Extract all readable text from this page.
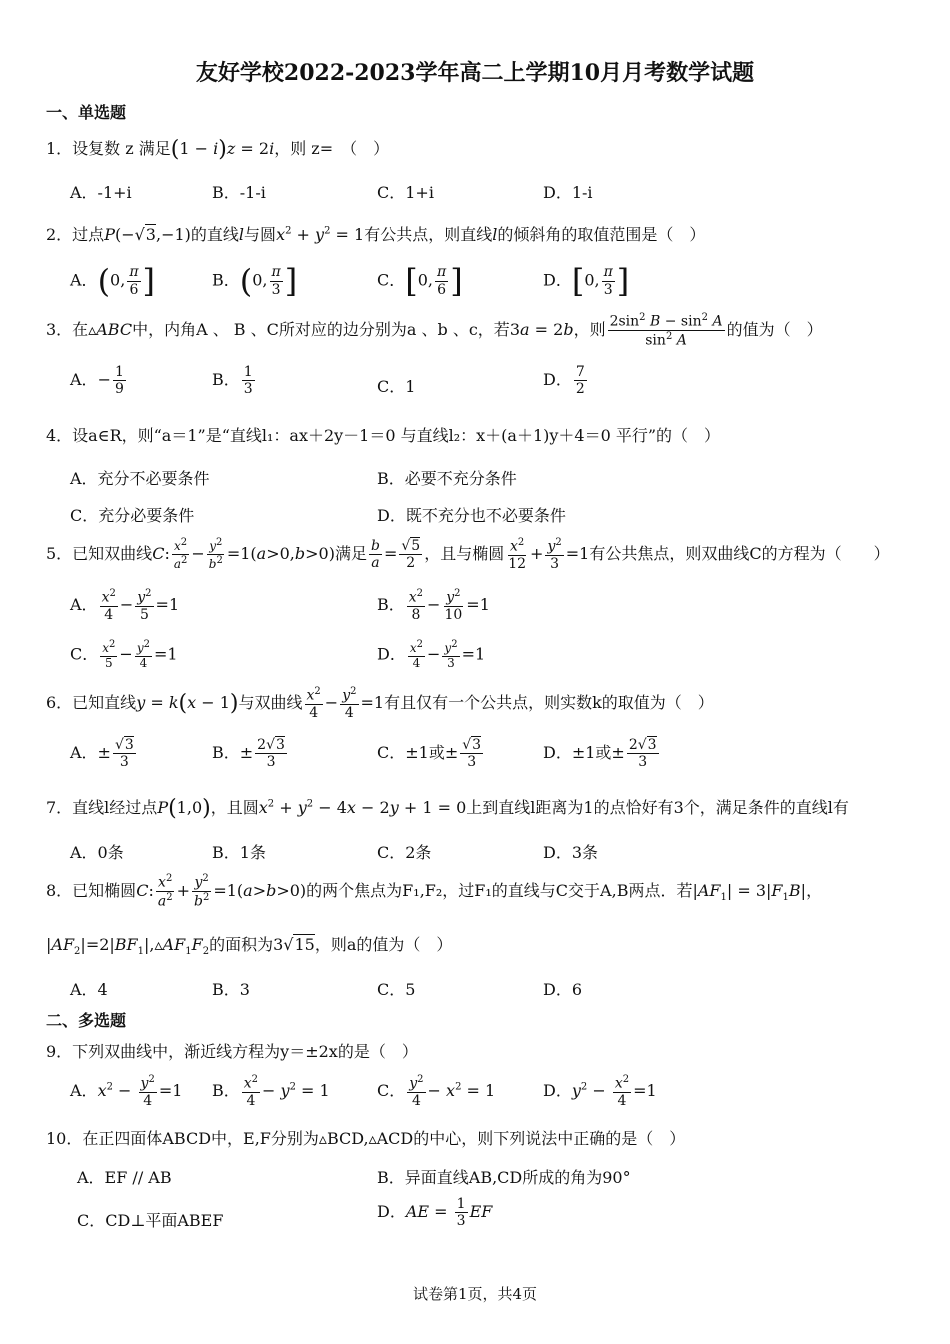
友好学校2022-2023学年高二上学期10月月考数学试题
一、单选题
1．设复数 z 满足(1 − i)z = 2i，则 z=　（　）
A．-1+i	B．-1-i	C．1+i	D．1-i
2．过点P(−√3,−1)的直线l与圆$x^2 + y^2 = 1$有公共点，则直线l的倾斜角的取值范围是（　）
A．(0, $\frac{\pi}{6}$ ]	B．(0, $\frac{\pi}{3}$ ]	C．[0, $\frac{\pi}{6}$ ]	D．[0, $\frac{\pi}{3}$ ]
3．在▵ABC中，内角A 、 B 、C所对应的边分别为a 、b 、c，若3a = 2b，则 $\frac{2\sin^2 B - \sin^2 A}{\sin^2 A}$ 的值为（　）
A．− $\frac{1}{9}$	B． $\frac{1}{3}$	C．1	D． $\frac{7}{2}$
4．设a∈R，则“a＝1”是“直线l₁：ax＋2y－1＝0 与直线l₂：x＋(a＋1)y＋4＝0 平行”的（　）
A．充分不必要条件	B．必要不充分条件
C．充分必要条件	D．既不充分也不必要条件
5．已知双曲线C: $\frac{x^2}{a^2} - \frac{y^2}{b^2} =1(a>0,b>0)$满足 $\frac{b}{a} = \frac{√5}{2}$ ，且与椭圆 $\frac{x^2}{12} + \frac{y^2}{3} =1$有公共焦点，则双曲线C的方程为（　　）
A． $\frac{x^2}{4} - \frac{y^2}{5} =1$	B． $\frac{x^2}{8} - \frac{y^2}{10} =1$
C． $\frac{x^2}{5} - \frac{y^2}{4} =1$	D． $\frac{x^2}{4} - \frac{y^2}{3} =1$
6．已知直线y = k(x − 1)与双曲线 $\frac{x^2}{4} - \frac{y^2}{4} =1$有且仅有一个公共点，则实数k的取值为（　）
A．± $\frac{√3}{3}$	B．± $\frac{2√3}{3}$	C．±1或± $\frac{√3}{3}$	D．±1或± $\frac{2√3}{3}$
7．直线l经过点P(1,0)，且圆$x^2 + y^2 - 4x - 2y + 1 = 0$上到直线l距离为1的点恰好有3个，满足条件的直线l有
A．0条	B．1条	C．2条	D．3条
8．已知椭圆C: $\frac{x^2}{a^2} + \frac{y^2}{b^2} =1(a>b>0)$的两个焦点为F₁,F₂，过F₁的直线与C交于A,B两点．若$|AF_1| = 3|F_1B|$，
$|AF_2|=2|BF_1|,▵AF_1F_2$的面积为3√15，则a的值为（　）
A．4	B．3	C．5	D．6
二、多选题
9．下列双曲线中，渐近线方程为y＝±2x的是（　）
A．$x^2 - \frac{y^2}{4} =1$ B． $\frac{x^2}{4} - y^2 = 1$	C． $\frac{y^2}{4} - x^2 = 1$	D．$y^2 - \frac{x^2}{4} =1$
10．在正四面体ABCD中，E,F分别为▵BCD,▵ACD的中心，则下列说法中正确的是（　）
A．EF // AB	B．异面直线AB,CD所成的角为90°
C．CD⊥平面ABEF	D．AE = $\frac{1}{3}$ EF
试卷第1页，共4页
